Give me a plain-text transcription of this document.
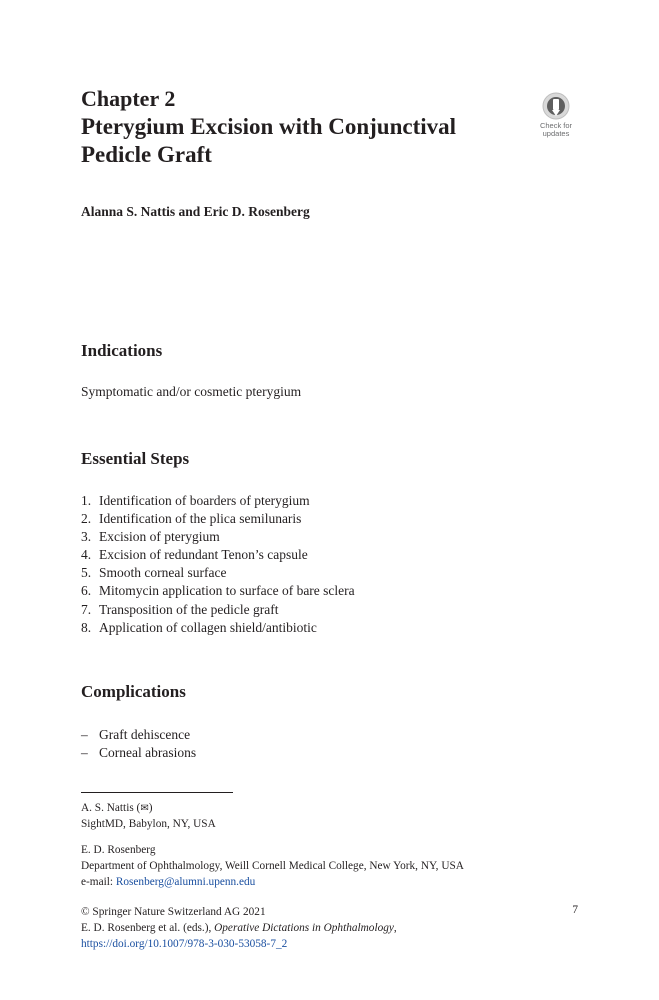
Chapter 2
Pterygium Excision with Conjunctival Pedicle Graft
Check for
updates
Alanna S. Nattis and Eric D. Rosenberg
Indications
Symptomatic and/or cosmetic pterygium
Essential Steps
1. Identification of boarders of pterygium
2. Identification of the plica semilunaris
3. Excision of pterygium
4. Excision of redundant Tenon’s capsule
5. Smooth corneal surface
6. Mitomycin application to surface of bare sclera
7. Transposition of the pedicle graft
8. Application of collagen shield/antibiotic
Complications
– Graft dehiscence
– Corneal abrasions
A. S. Nattis (✉)
SightMD, Babylon, NY, USA
E. D. Rosenberg
Department of Ophthalmology, Weill Cornell Medical College, New York, NY, USA
e-mail: Rosenberg@alumni.upenn.edu
© Springer Nature Switzerland AG 2021
E. D. Rosenberg et al. (eds.), Operative Dictations in Ophthalmology,
https://doi.org/10.1007/978-3-030-53058-7_2
7
